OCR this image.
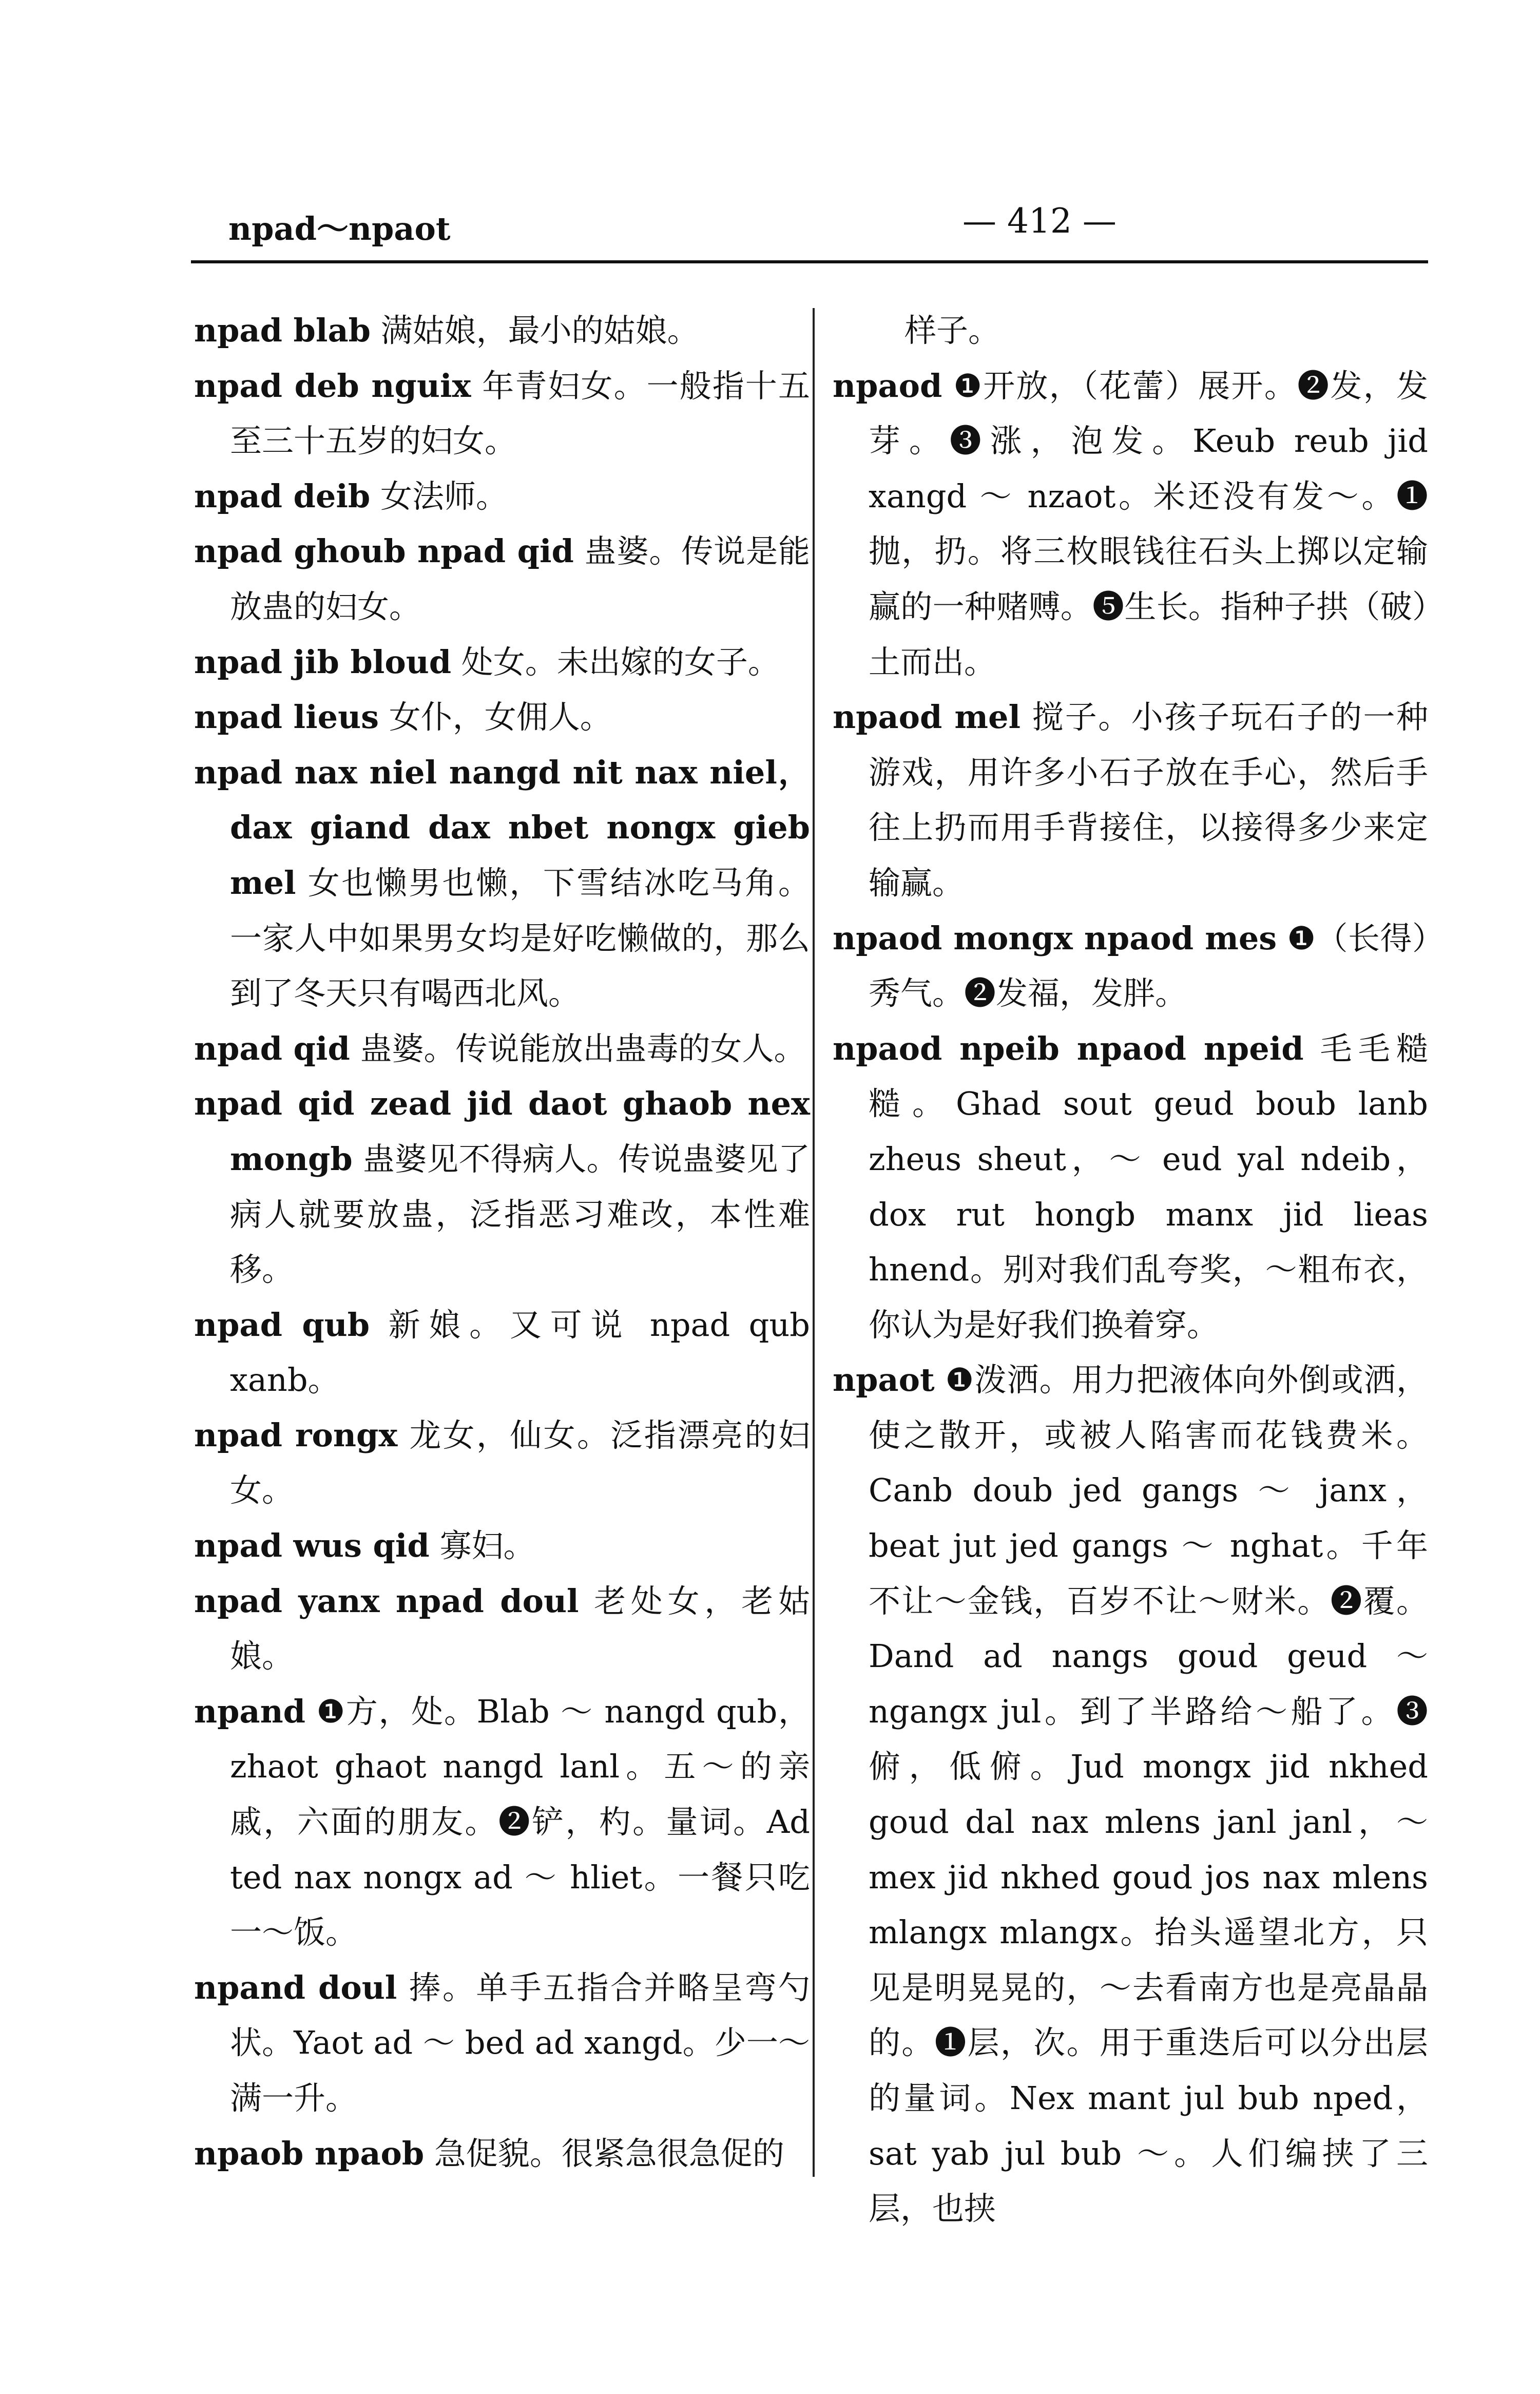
npad～npaot	— 412 —

npad blab 满姑娘，最小的姑娘。

npad deb nguix 年青妇女。一般指十五至三十五岁的妇女。

npad deib 女法师。

npad ghoub npad qid 蛊婆。传说是能放蛊的妇女。

npad jib bloud 处女。未出嫁的女子。

npad lieus 女仆，女佣人。

npad nax niel nangd nit nax niel，dax giand dax nbet nongx gieb mel 女也懒男也懒，下雪结冰吃马角。一家人中如果男女均是好吃懒做的，那么到了冬天只有喝西北风。

npad qid 蛊婆。传说能放出蛊毒的女人。

npad qid zead jid daot ghaob nex mongb 蛊婆见不得病人。传说蛊婆见了病人就要放蛊，泛指恶习难改，本性难移。

npad qub 新娘。又可说 npad qub xanb。

npad rongx 龙女，仙女。泛指漂亮的妇女。

npad wus qid 寡妇。

npad yanx npad doul 老处女，老姑娘。

npand ❶方，处。Blab ～ nangd qub，zhaot ghaot nangd lanl。五～的亲戚，六面的朋友。❷铲，杓。量词。Ad ted nax nongx ad ～ hliet。一餐只吃一～饭。

npand doul 捧。单手五指合并略呈弯勺状。Yaot ad ～ bed ad xangd。少一～满一升。

npaob npaob 急促貌。很紧急很急促的

样子。

npaod ❶开放，（花蕾）展开。❷发，发芽。❸涨，泡发。Keub reub jid xangd ～ nzaot。米还没有发～。❶抛，扔。将三枚眼钱往石头上掷以定输赢的一种赌赙。❺生长。指种子拱（破）土而出。

npaod mel 搅子。小孩子玩石子的一种游戏，用许多小石子放在手心，然后手往上扔而用手背接住，以接得多少来定输赢。

npaod mongx npaod mes ❶（长得）秀气。❷发福，发胖。

npaod npeib npaod npeid 毛毛糙糙。Ghad sout geud boub lanb zheus sheut，～ eud yal ndeib，dox rut hongb manx jid lieas hnend。别对我们乱夸奖，～粗布衣，你认为是好我们换着穿。

npaot ❶泼洒。用力把液体向外倒或洒，使之散开，或被人陷害而花钱费米。Canb doub jed gangs ～ janx，beat jut jed gangs ～ nghat。千年不让～金钱，百岁不让～财米。❷覆。Dand ad nangs goud geud ～ ngangx jul。到了半路给～船了。❸俯，低俯。Jud mongx jid nkhed goud dal nax mlens janl janl，～ mex jid nkhed goud jos nax mlens mlangx mlangx。抬头遥望北方，只见是明晃晃的，～去看南方也是亮晶晶的。❶层，次。用于重迭后可以分出层的量词。Nex mant jul bub nped，sat yab jul bub ～。人们编挟了三层，也挟
